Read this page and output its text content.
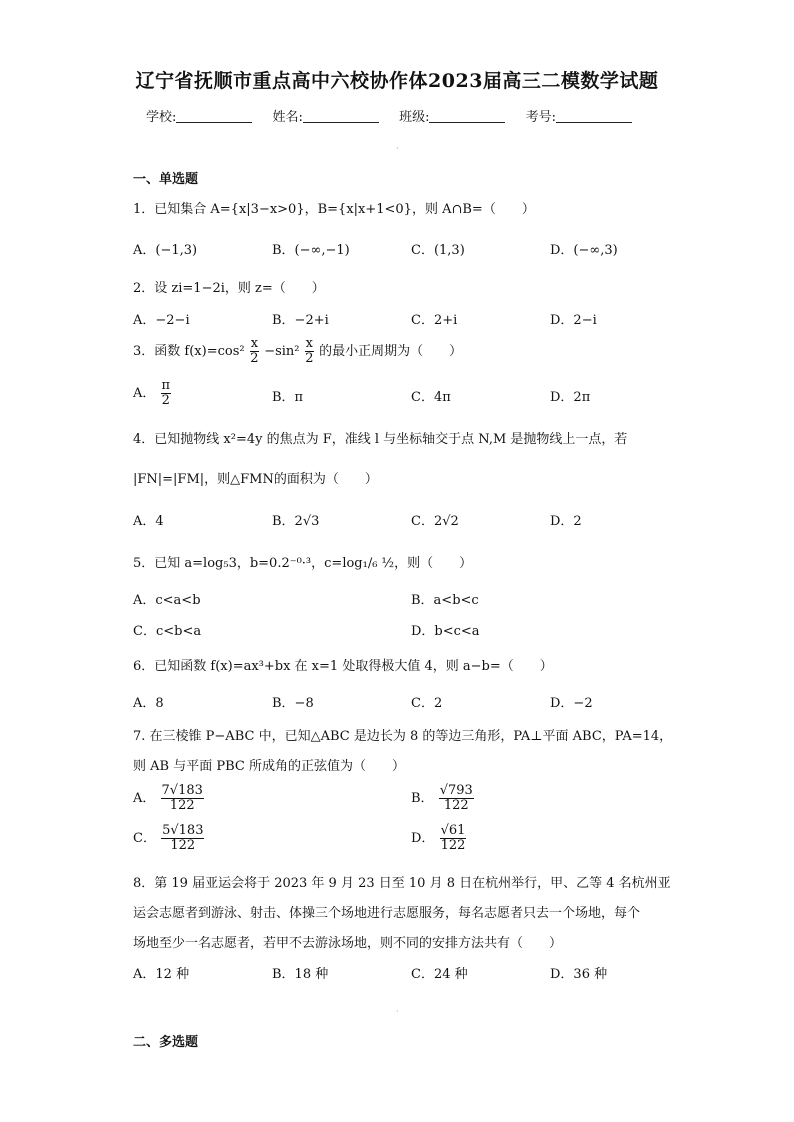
辽宁省抚顺市重点高中六校协作体2023届高三二模数学试题
学校:	姓名:	班级:	考号:
·
一、单选题
1．已知集合 A={x|3−x>0}，B={x|x+1<0}，则 A∩B=（　　）
A．(−1,3)	B．(−∞,−1)	C．(1,3)	D．(−∞,3)
2．设 zi=1−2i，则 z=（　　）
A．−2−i	B．−2+i	C．2+i	D．2−i
3．函数 $f(x)=\cos^2 \frac{x}{2} -\sin^2 \frac{x}{2}$ 的最小正周期为（　　）
A． $\frac{\pi}{2}$	B．π	C．4π	D．2π
4．已知抛物线 x²=4y 的焦点为 F，准线 l 与坐标轴交于点 N,M 是抛物线上一点，若
|FN|=|FM|，则△FMN的面积为（　　）
A．4	B．2√3	C．2√2	D．2
5．已知 a=log₅3，b=0.2⁻⁰·³，c=log₁/₆ ½，则（　　）
A．c<a<b	B．a<b<c
C．c<b<a	D．b<c<a
6．已知函数 f(x)=ax³+bx 在 x=1 处取得极大值 4，则 a−b=（　　）
A．8	B．−8	C．2	D．−2
7. 在三棱锥 P−ABC 中，已知△ABC 是边长为 8 的等边三角形，PA⊥平面 ABC，PA=14，
则 AB 与平面 PBC 所成角的正弦值为（　　）
A． $\frac{7√183}{122}$	B． $\frac{√793}{122}$
C． $\frac{5√183}{122}$	D． $\frac{√61}{122}$
8．第 19 届亚运会将于 2023 年 9 月 23 日至 10 月 8 日在杭州举行，甲、乙等 4 名杭州亚
运会志愿者到游泳、射击、体操三个场地进行志愿服务，每名志愿者只去一个场地，每个
场地至少一名志愿者，若甲不去游泳场地，则不同的安排方法共有（　　）
A．12 种	B．18 种	C．24 种	D．36 种
·
二、多选题
